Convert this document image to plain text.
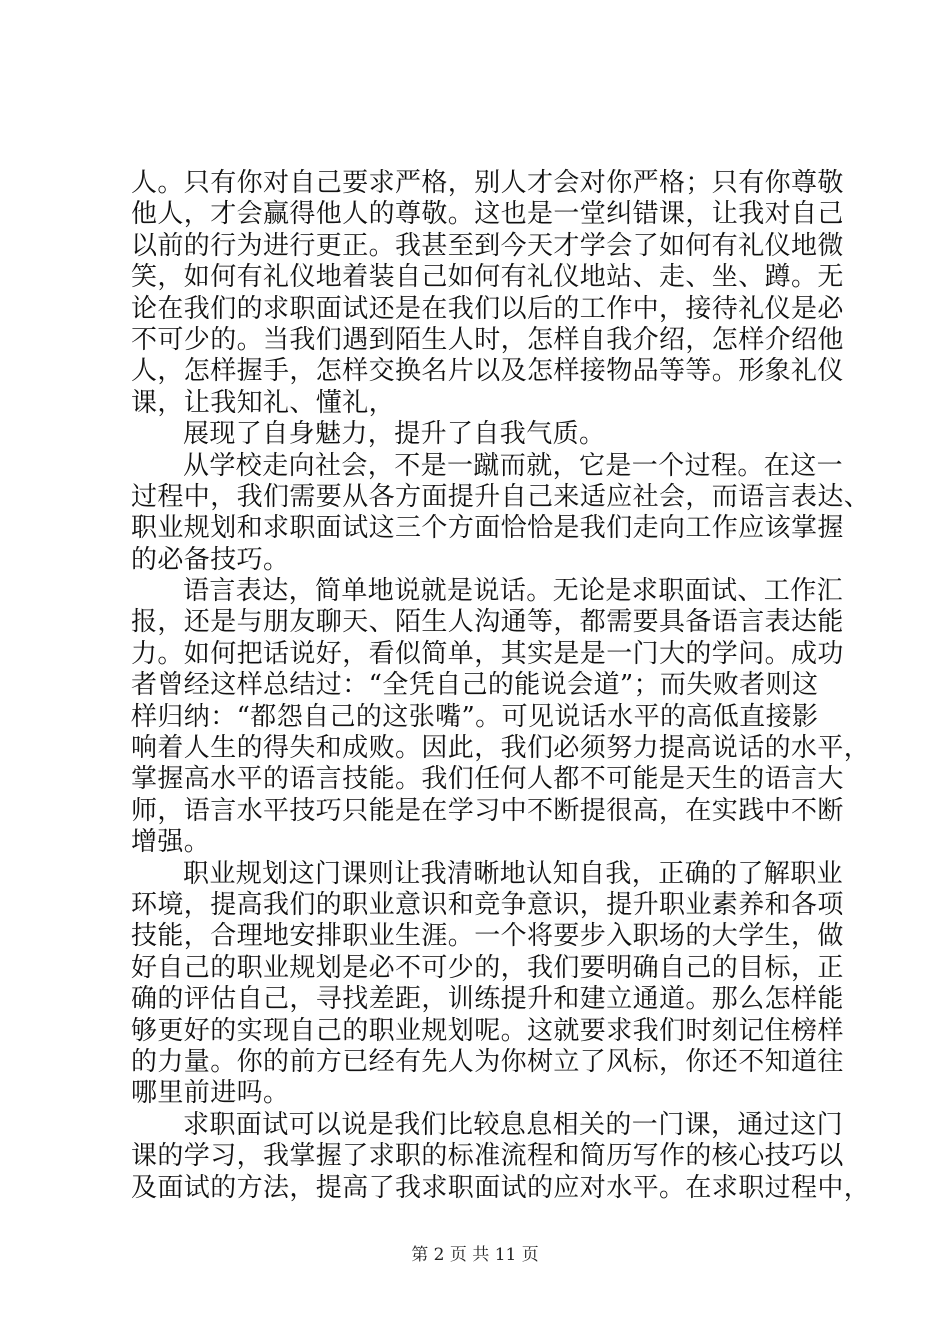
人。只有你对自己要求严格，别人才会对你严格；只有你尊敬
他人，才会赢得他人的尊敬。这也是一堂纠错课，让我对自己
以前的行为进行更正。我甚至到今天才学会了如何有礼仪地微
笑，如何有礼仪地着装自己如何有礼仪地站、走、坐、蹲。无
论在我们的求职面试还是在我们以后的工作中，接待礼仪是必
不可少的。当我们遇到陌生人时，怎样自我介绍，怎样介绍他
人，怎样握手，怎样交换名片以及怎样接物品等等。形象礼仪
课，让我知礼、懂礼，
展现了自身魅力，提升了自我气质。
从学校走向社会，不是一蹴而就，它是一个过程。在这一
过程中，我们需要从各方面提升自己来适应社会，而语言表达、
职业规划和求职面试这三个方面恰恰是我们走向工作应该掌握
的必备技巧。
语言表达，简单地说就是说话。无论是求职面试、工作汇
报，还是与朋友聊天、陌生人沟通等，都需要具备语言表达能
力。如何把话说好，看似简单，其实是是一门大的学问。成功
者曾经这样总结过：“全凭自己的能说会道”；而失败者则这
样归纳：“都怨自己的这张嘴”。可见说话水平的高低直接影
响着人生的得失和成败。因此，我们必须努力提高说话的水平，
掌握高水平的语言技能。我们任何人都不可能是天生的语言大
师，语言水平技巧只能是在学习中不断提很高，在实践中不断
增强。
职业规划这门课则让我清晰地认知自我，正确的了解职业
环境，提高我们的职业意识和竞争意识，提升职业素养和各项
技能，合理地安排职业生涯。一个将要步入职场的大学生，做
好自己的职业规划是必不可少的，我们要明确自己的目标，正
确的评估自己，寻找差距，训练提升和建立通道。那么怎样能
够更好的实现自己的职业规划呢。这就要求我们时刻记住榜样
的力量。你的前方已经有先人为你树立了风标，你还不知道往
哪里前进吗。
求职面试可以说是我们比较息息相关的一门课，通过这门
课的学习，我掌握了求职的标准流程和简历写作的核心技巧以
及面试的方法，提高了我求职面试的应对水平。在求职过程中，
第 2 页 共 11 页
